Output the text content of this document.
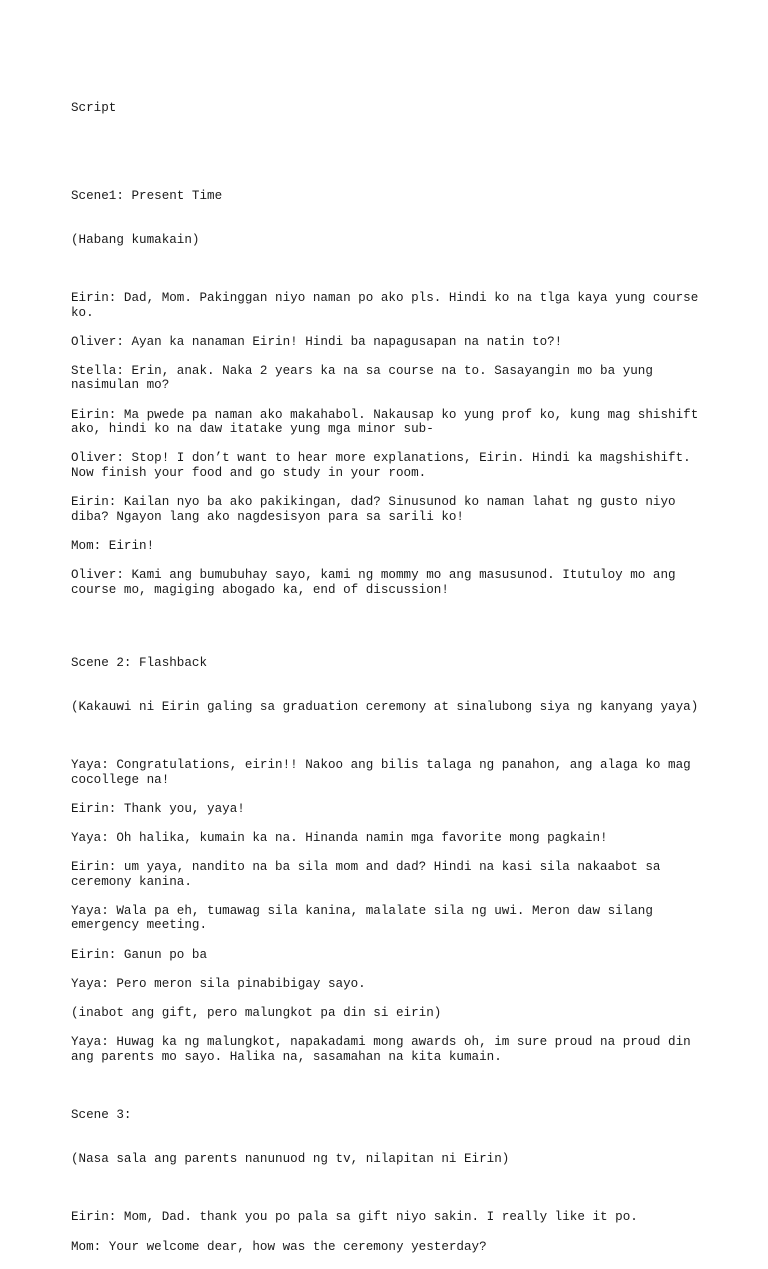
Script

Scene1: Present Time

(Habang kumakain)

Eirin: Dad, Mom. Pakinggan niyo naman po ako pls. Hindi ko na tlga kaya yung course
ko.
Oliver: Ayan ka nanaman Eirin! Hindi ba napagusapan na natin to?!
Stella: Erin, anak. Naka 2 years ka na sa course na to. Sasayangin mo ba yung
nasimulan mo?
Eirin: Ma pwede pa naman ako makahabol. Nakausap ko yung prof ko, kung mag shishift
ako, hindi ko na daw itatake yung mga minor sub-
Oliver: Stop! I don’t want to hear more explanations, Eirin. Hindi ka magshishift.
Now finish your food and go study in your room.
Eirin: Kailan nyo ba ako pakikingan, dad? Sinusunod ko naman lahat ng gusto niyo
diba? Ngayon lang ako nagdesisyon para sa sarili ko!
Mom: Eirin!
Oliver: Kami ang bumubuhay sayo, kami ng mommy mo ang masusunod. Itutuloy mo ang
course mo, magiging abogado ka, end of discussion!

Scene 2: Flashback

(Kakauwi ni Eirin galing sa graduation ceremony at sinalubong siya ng kanyang yaya)

Yaya: Congratulations, eirin!! Nakoo ang bilis talaga ng panahon, ang alaga ko mag
cocollege na!
Eirin: Thank you, yaya!
Yaya: Oh halika, kumain ka na. Hinanda namin mga favorite mong pagkain!
Eirin: um yaya, nandito na ba sila mom and dad? Hindi na kasi sila nakaabot sa
ceremony kanina.
Yaya: Wala pa eh, tumawag sila kanina, malalate sila ng uwi. Meron daw silang
emergency meeting.
Eirin: Ganun po ba
Yaya: Pero meron sila pinabibigay sayo.
(inabot ang gift, pero malungkot pa din si eirin)
Yaya: Huwag ka ng malungkot, napakadami mong awards oh, im sure proud na proud din
ang parents mo sayo. Halika na, sasamahan na kita kumain.

Scene 3:

(Nasa sala ang parents nanunuod ng tv, nilapitan ni Eirin)

Eirin: Mom, Dad. thank you po pala sa gift niyo sakin. I really like it po.
Mom: Your welcome dear, how was the ceremony yesterday?
